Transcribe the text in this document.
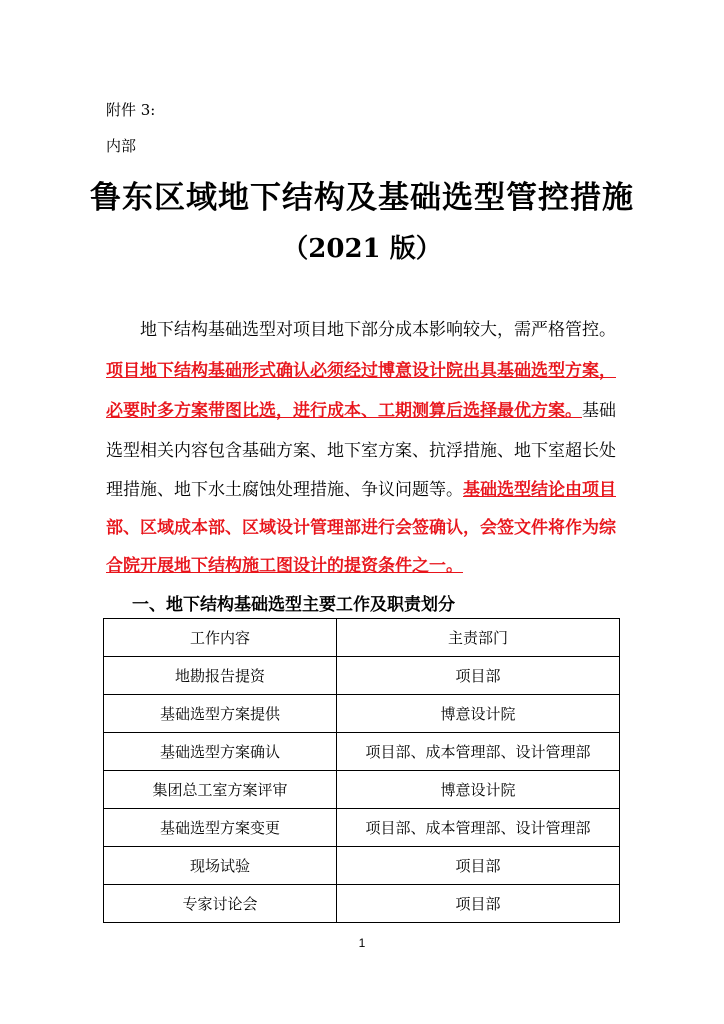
附件 3:
内部
鲁东区域地下结构及基础选型管控措施
（2021 版）
地下结构基础选型对项目地下部分成本影响较大，需严格管控。
项目地下结构基础形式确认必须经过博意设计院出具基础选型方案，
必要时多方案带图比选，进行成本、工期测算后选择最优方案。基础
选型相关内容包含基础方案、地下室方案、抗浮措施、地下室超长处
理措施、地下水土腐蚀处理措施、争议问题等。基础选型结论由项目
部、区域成本部、区域设计管理部进行会签确认，会签文件将作为综
合院开展地下结构施工图设计的提资条件之一。
一、地下结构基础选型主要工作及职责划分
工作内容	主责部门
地勘报告提资	项目部
基础选型方案提供	博意设计院
基础选型方案确认	项目部、成本管理部、设计管理部
集团总工室方案评审	博意设计院
基础选型方案变更	项目部、成本管理部、设计管理部
现场试验	项目部
专家讨论会	项目部
1
